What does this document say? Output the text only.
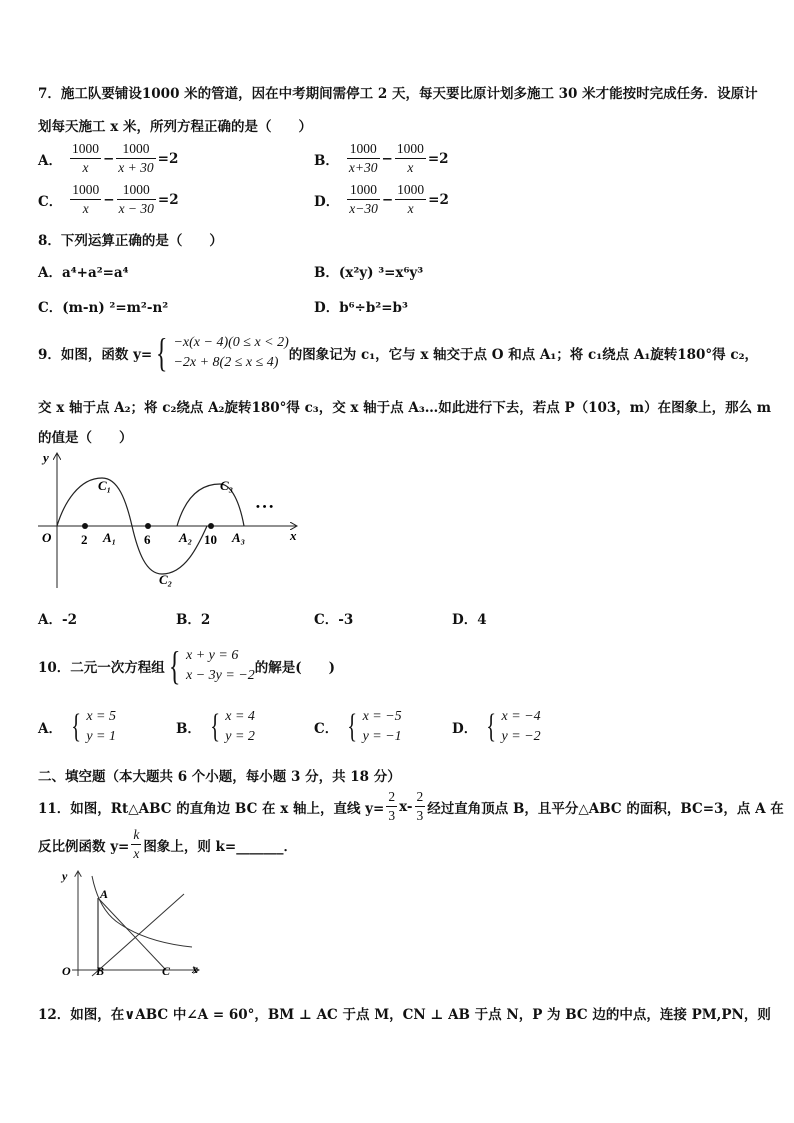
7．施工队要铺设1000 米的管道，因在中考期间需停工 2 天，每天要比原计划多施工 30 米才能按时完成任务．设原计
划每天施工 x 米，所列方程正确的是（　　）
A． $\frac{1000}{x} - \frac{1000}{x + 30} =2$	B． $\frac{1000}{x+30} - \frac{1000}{x} =2$
C． $\frac{1000}{x} - \frac{1000}{x - 30} =2$	D． $\frac{1000}{x-30} - \frac{1000}{x} =2$
8．下列运算正确的是（　　）
A．a⁴+a²=a⁴	B．(x²y) ³=x⁶y³
C．(m-n) ²=m²-n²	D．b⁶÷b²=b³
9．如图，函数 y= { −x(x − 4)(0 ≤ x < 2)
−2x + 8(2 ≤ x ≤ 4) 的图象记为 c₁，它与 x 轴交于点 O 和点 A₁；将 c₁绕点 A₁旋转180°得 c₂，
交 x 轴于点 A₂；将 c₂绕点 A₂旋转180°得 c₃，交 x 轴于点 A₃…如此进行下去，若点 P（103，m）在图象上，那么 m
的值是（　　）
y
x
O 2	6	10
A₁	A₂	A₃
C₁
C₂
C₃
• • •
A．-2	B．2	C．-3	D．4
10．二元一次方程组 { x + y = 6
x − 3y = −2 的解是(　　)
A． { x = 5
y = 1	B． { x = 4
y = 2	C． { x = −5
y = −1	D． { x = −4
y = −2
二、填空题（本大题共 6 个小题，每小题 3 分，共 18 分）
11．如图，Rt△ABC 的直角边 BC 在 x 轴上，直线 $y= \frac{2}{3} x- \frac{2}{3}$ 经过直角顶点 B，且平分△ABC 的面积，BC=3，点 A 在
反比例函数 $y= \frac{k}{x}$ 图象上，则 k=_______．
y
x
O
A
B	C
12．如图，在∨ABC 中∠A = 60°，BM ⊥ AC 于点 M，CN ⊥ AB 于点 N，P 为 BC 边的中点，连接 PM,PN，则
